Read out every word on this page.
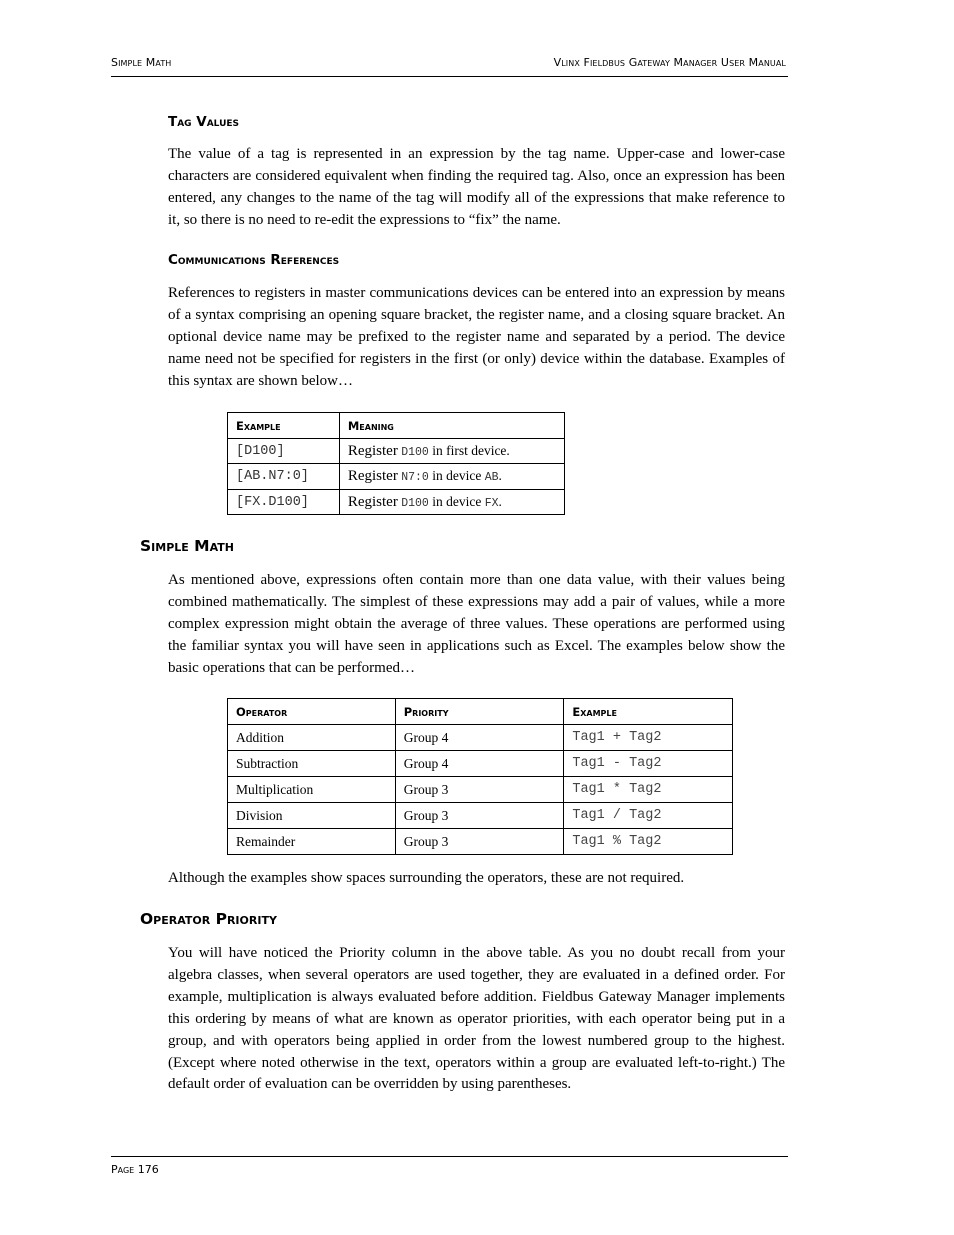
Simple Math	Vlinx Fieldbus Gateway Manager User Manual
Tag Values

The value of a tag is represented in an expression by the tag name. Upper-case and lower-case characters are considered equivalent when finding the required tag. Also, once an expression has been entered, any changes to the name of the tag will modify all of the expressions that make reference to it, so there is no need to re-edit the expressions to “fix” the name.

Communications References

References to registers in master communications devices can be entered into an expression by means of a syntax comprising an opening square bracket, the register name, and a closing square bracket. An optional device name may be prefixed to the register name and separated by a period. The device name need not be specified for registers in the first (or only) device within the database. Examples of this syntax are shown below…

Example	Meaning
[D100]	Register D100 in first device.
[AB.N7:0]	Register N7:0 in device AB.
[FX.D100]	Register D100 in device FX.
Simple Math

As mentioned above, expressions often contain more than one data value, with their values being combined mathematically. The simplest of these expressions may add a pair of values, while a more complex expression might obtain the average of three values. These operations are performed using the familiar syntax you will have seen in applications such as Excel. The examples below show the basic operations that can be performed…

Operator	Priority	Example
Addition	Group 4	Tag1 + Tag2
Subtraction	Group 4	Tag1 - Tag2
Multiplication	Group 3	Tag1 * Tag2
Division	Group 3	Tag1 / Tag2
Remainder	Group 3	Tag1 % Tag2

Although the examples show spaces surrounding the operators, these are not required.

Operator Priority

You will have noticed the Priority column in the above table. As you no doubt recall from your algebra classes, when several operators are used together, they are evaluated in a defined order. For example, multiplication is always evaluated before addition. Fieldbus Gateway Manager implements this ordering by means of what are known as operator priorities, with each operator being put in a group, and with operators being applied in order from the lowest numbered group to the highest. (Except where noted otherwise in the text, operators within a group are evaluated left-to-right.) The default order of evaluation can be overridden by using parentheses.

Page 176
